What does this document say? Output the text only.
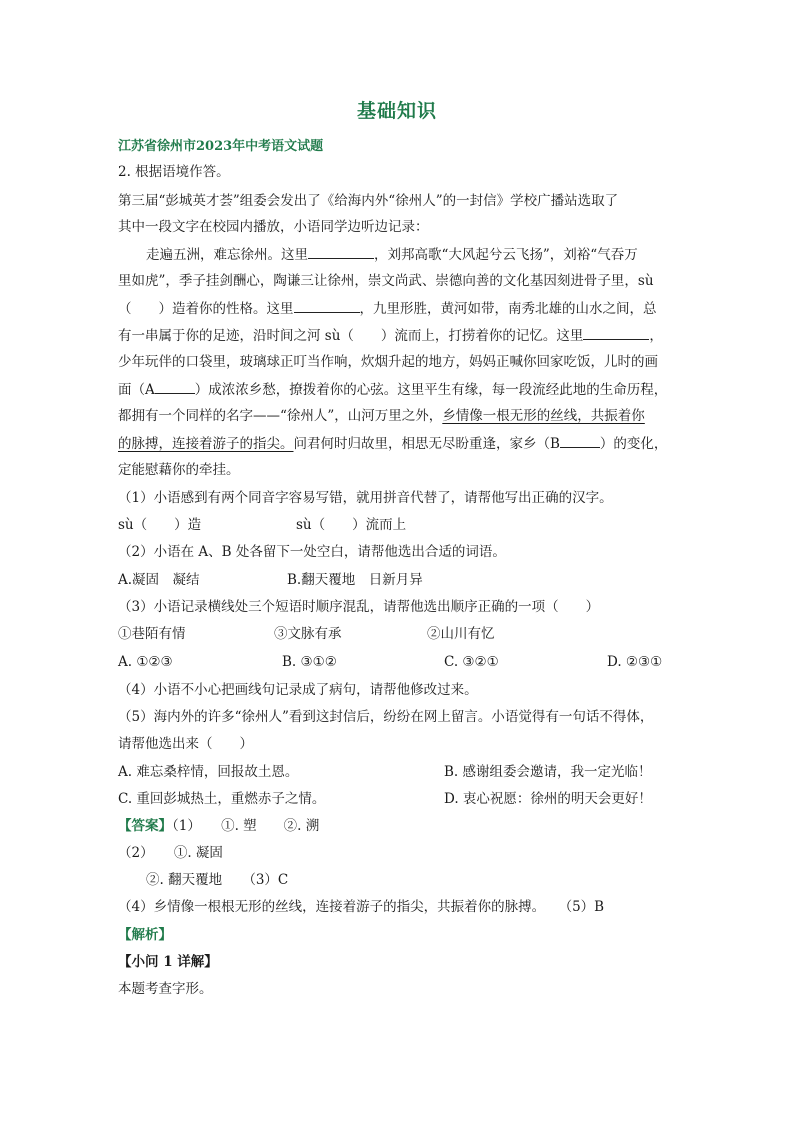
基础知识
江苏省徐州市2023年中考语文试题
2. 根据语境作答。
第三届“彭城英才荟”组委会发出了《给海内外“徐州人”的一封信》学校广播站选取了
其中一段文字在校园内播放，小语同学边听边记录：
走遍五洲，难忘徐州。这里	，刘邦高歌“大风起兮云飞扬”，刘裕“气吞万
里如虎”，季子挂剑酬心，陶谦三让徐州，崇文尚武、崇德向善的文化基因刻进骨子里，sù
（　　）造着你的性格。这里	，九里形胜，黄河如带，南秀北雄的山水之间，总
有一串属于你的足迹，沿时间之河 sù（　　）流而上，打捞着你的记忆。这里	，
少年玩伴的口袋里，玻璃球正叮当作响，炊烟升起的地方，妈妈正喊你回家吃饭，儿时的画
面（A	）成浓浓乡愁，撩拨着你的心弦。这里平生有缘，每一段流经此地的生命历程，
都拥有一个同样的名字——“徐州人”，山河万里之外，乡情像一根无形的丝线，共振着你
的脉搏，连接着游子的指尖。问君何时归故里，相思无尽盼重逢，家乡（B	）的变化，
定能慰藉你的牵挂。
（1）小语感到有两个同音字容易写错，就用拼音代替了，请帮他写出正确的汉字。
sù（　　）造	sù（　　）流而上
（2）小语在 A、B 处各留下一处空白，请帮他选出合适的词语。
A.凝固　凝结	B.翻天覆地　日新月异
（3）小语记录横线处三个短语时顺序混乱，请帮他选出顺序正确的一项（　　）
①巷陌有情	③文脉有承	②山川有忆
A. ①②③	B. ③①②	C. ③②①	D. ②③①
（4）小语不小心把画线句记录成了病句，请帮他修改过来。
（5）海内外的许多“徐州人”看到这封信后，纷纷在网上留言。小语觉得有一句话不得体，
请帮他选出来（　　）
A. 难忘桑梓情，回报故土恩。	B. 感谢组委会邀请，我一定光临！
C. 重回彭城热土，重燃赤子之情。	D. 衷心祝愿：徐州的明天会更好！
【答案】（1）　　①. 塑　　②. 溯
（2）　　①. 凝固
②. 翻天覆地　　（3）C
（4）乡情像一根根无形的丝线，连接着游子的指尖，共振着你的脉搏。　　（5）B
【解析】
【小问 1 详解】
本题考查字形。
